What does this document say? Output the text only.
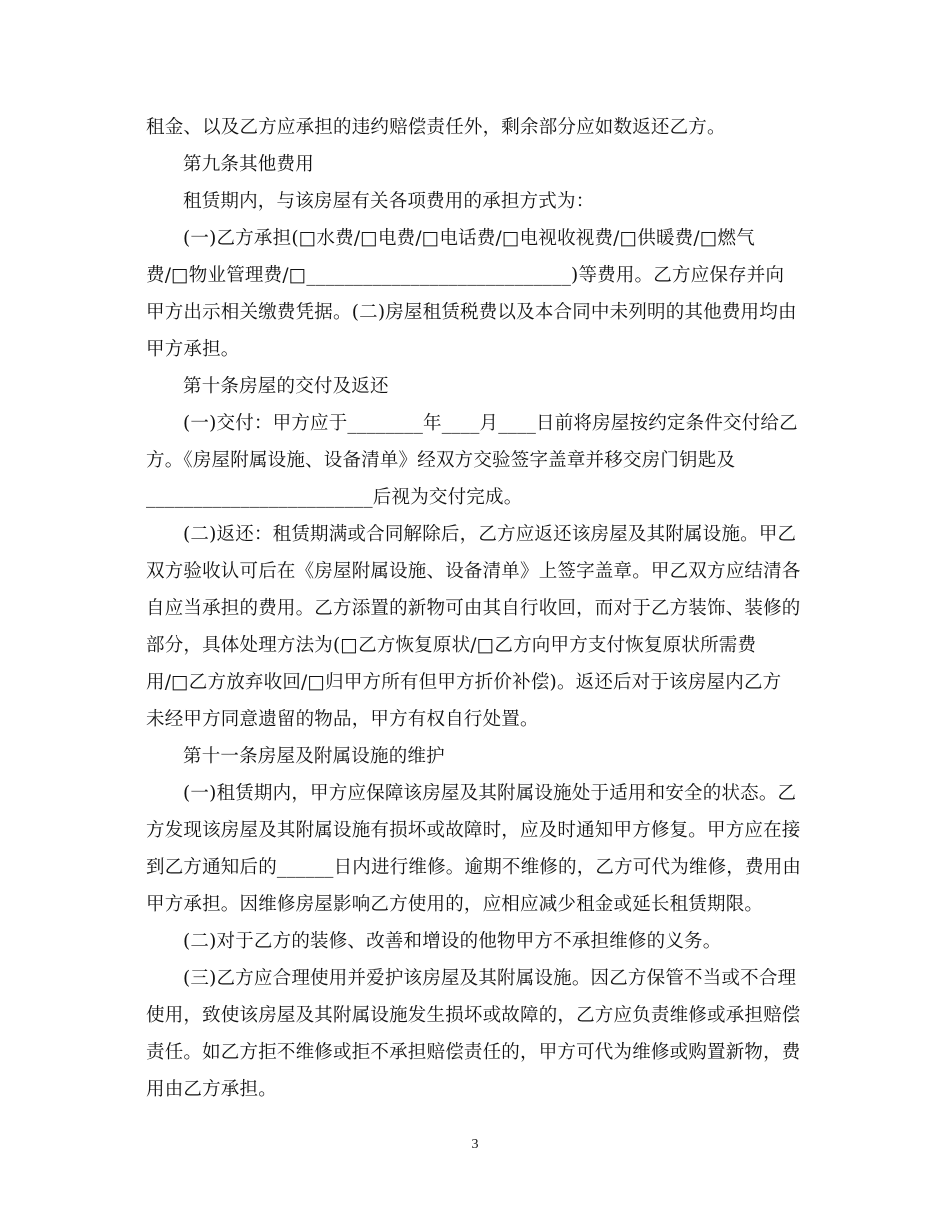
租金、以及乙方应承担的违约赔偿责任外，剩余部分应如数返还乙方。
第九条其他费用
租赁期内，与该房屋有关各项费用的承担方式为：
(一)乙方承担(□水费/□电费/□电话费/□电视收视费/□供暖费/□燃气
费/□物业管理费/□____________________________)等费用。乙方应保存并向
甲方出示相关缴费凭据。(二)房屋租赁税费以及本合同中未列明的其他费用均由
甲方承担。
第十条房屋的交付及返还
(一)交付：甲方应于________年____月____日前将房屋按约定条件交付给乙
方。《房屋附属设施、设备清单》经双方交验签字盖章并移交房门钥匙及
________________________后视为交付完成。
(二)返还：租赁期满或合同解除后，乙方应返还该房屋及其附属设施。甲乙
双方验收认可后在《房屋附属设施、设备清单》上签字盖章。甲乙双方应结清各
自应当承担的费用。乙方添置的新物可由其自行收回，而对于乙方装饰、装修的
部分，具体处理方法为(□乙方恢复原状/□乙方向甲方支付恢复原状所需费
用/□乙方放弃收回/□归甲方所有但甲方折价补偿)。返还后对于该房屋内乙方
未经甲方同意遗留的物品，甲方有权自行处置。
第十一条房屋及附属设施的维护
(一)租赁期内，甲方应保障该房屋及其附属设施处于适用和安全的状态。乙
方发现该房屋及其附属设施有损坏或故障时，应及时通知甲方修复。甲方应在接
到乙方通知后的______日内进行维修。逾期不维修的，乙方可代为维修，费用由
甲方承担。因维修房屋影响乙方使用的，应相应减少租金或延长租赁期限。
(二)对于乙方的装修、改善和增设的他物甲方不承担维修的义务。
(三)乙方应合理使用并爱护该房屋及其附属设施。因乙方保管不当或不合理
使用，致使该房屋及其附属设施发生损坏或故障的，乙方应负责维修或承担赔偿
责任。如乙方拒不维修或拒不承担赔偿责任的，甲方可代为维修或购置新物，费
用由乙方承担。
3
